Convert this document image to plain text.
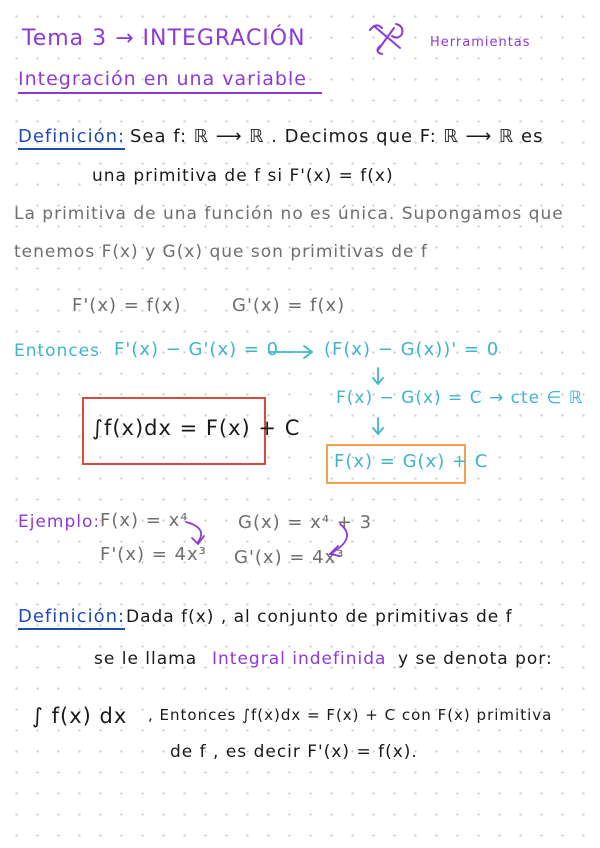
Tema 3 → INTEGRACIÓN	Herramientas
Integración en una variable
Definición: Sea f: ℝ ⟶ ℝ . Decimos que F: ℝ ⟶ ℝ es
una primitiva de f si F'(x) = f(x)
La primitiva de una función no es única. Supongamos que
tenemos F(x) y G(x) que son primitivas de f
F'(x) = f(x)	G'(x) = f(x)
Entonces F'(x) − G'(x) = 0 (F(x) − G(x))' = 0
F(x) − G(x) = C → cte ∈ ℝ
F(x) = G(x) + C
∫f(x)dx = F(x) + C
Ejemplo: F(x) = x⁴
F'(x) = 4x³
G(x) = x⁴ + 3
G'(x) = 4x³
Definición: Dada f(x) , al conjunto de primitivas de f
se le llama Integral indefinida y se denota por:
∫ f(x) dx , Entonces ∫f(x)dx = F(x) + C con F(x) primitiva
de f , es decir F'(x) = f(x).
